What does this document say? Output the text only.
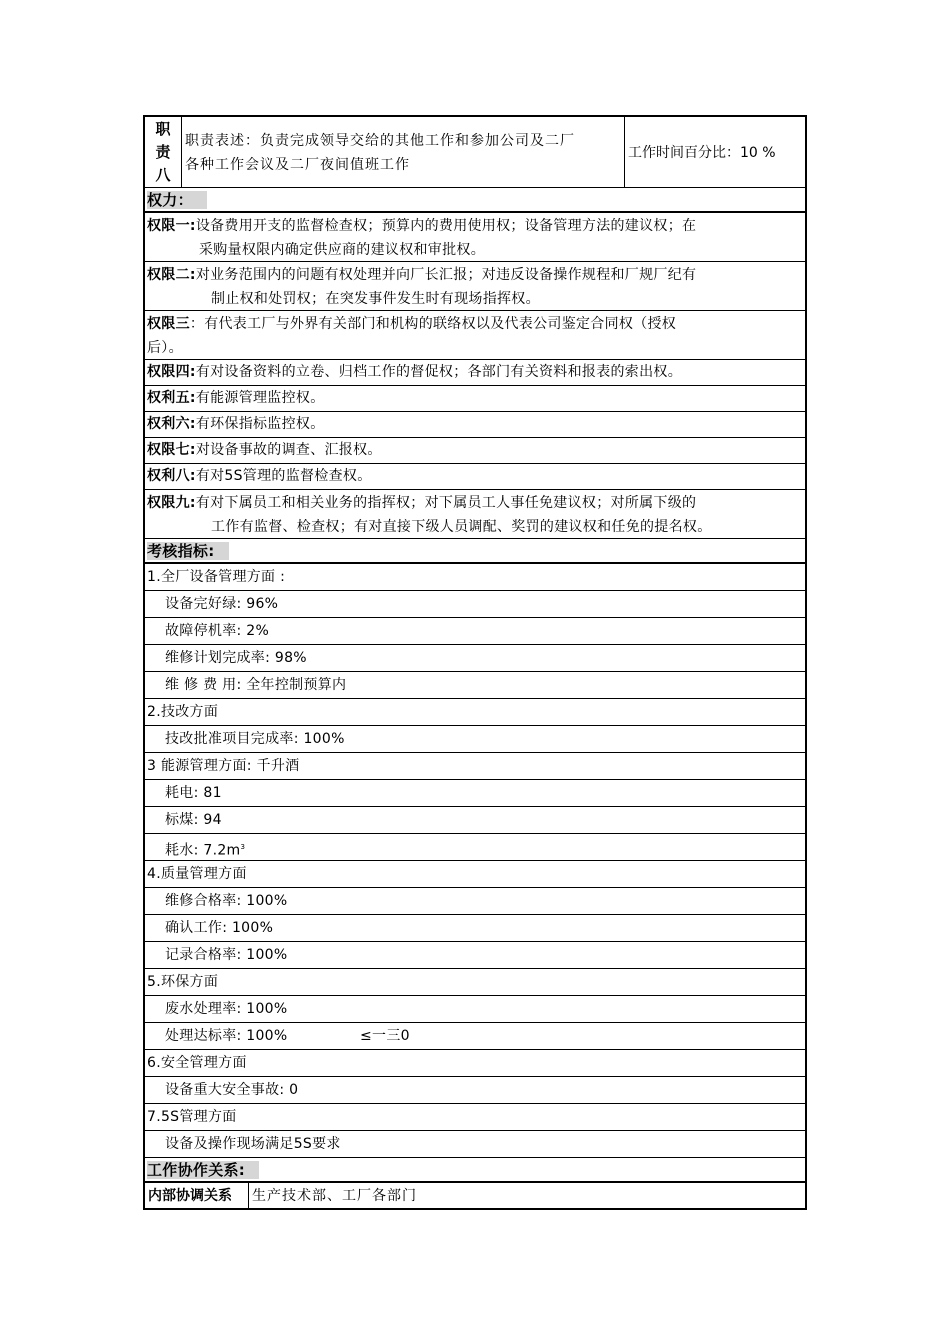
职
责
八
职责表述：负责完成领导交给的其他工作和参加公司及二厂
各种工作会议及二厂夜间值班工作
工作时间百分比：10 %
权力：
权限一:设备费用开支的监督检查权；预算内的费用使用权；设备管理方法的建议权；在
采购量权限内确定供应商的建议权和审批权。
权限二:对业务范围内的问题有权处理并向厂长汇报；对违反设备操作规程和厂规厂纪有
制止权和处罚权；在突发事件发生时有现场指挥权。
权限三：有代表工厂与外界有关部门和机构的联络权以及代表公司鉴定合同权（授权
后）。
权限四:有对设备资料的立卷、归档工作的督促权；各部门有关资料和报表的索出权。
权利五:有能源管理监控权。
权利六:有环保指标监控权。
权限七:对设备事故的调查、汇报权。
权利八:有对5S管理的监督检查权。
权限九:有对下属员工和相关业务的指挥权；对下属员工人事任免建议权；对所属下级的
工作有监督、检查权；有对直接下级人员调配、奖罚的建议权和任免的提名权。
考核指标:
1.全厂设备管理方面 :
设备完好绿: 96%
故障停机率: 2%
维修计划完成率: 98%
维 修 费 用: 全年控制预算内
2.技改方面
技改批准项目完成率: 100%
3 能源管理方面: 千升酒
耗电: 81
标煤: 94
耗水: $7.2m^3$
4.质量管理方面
维修合格率: 100%
确认工作: 100%
记录合格率: 100%
5.环保方面
废水处理率: 100%
处理达标率: 100%	≤一三0
6.安全管理方面
设备重大安全事故: 0
7.5S管理方面
设备及操作现场满足5S要求
工作协作关系:
内部协调关系	生产技术部、工厂各部门
